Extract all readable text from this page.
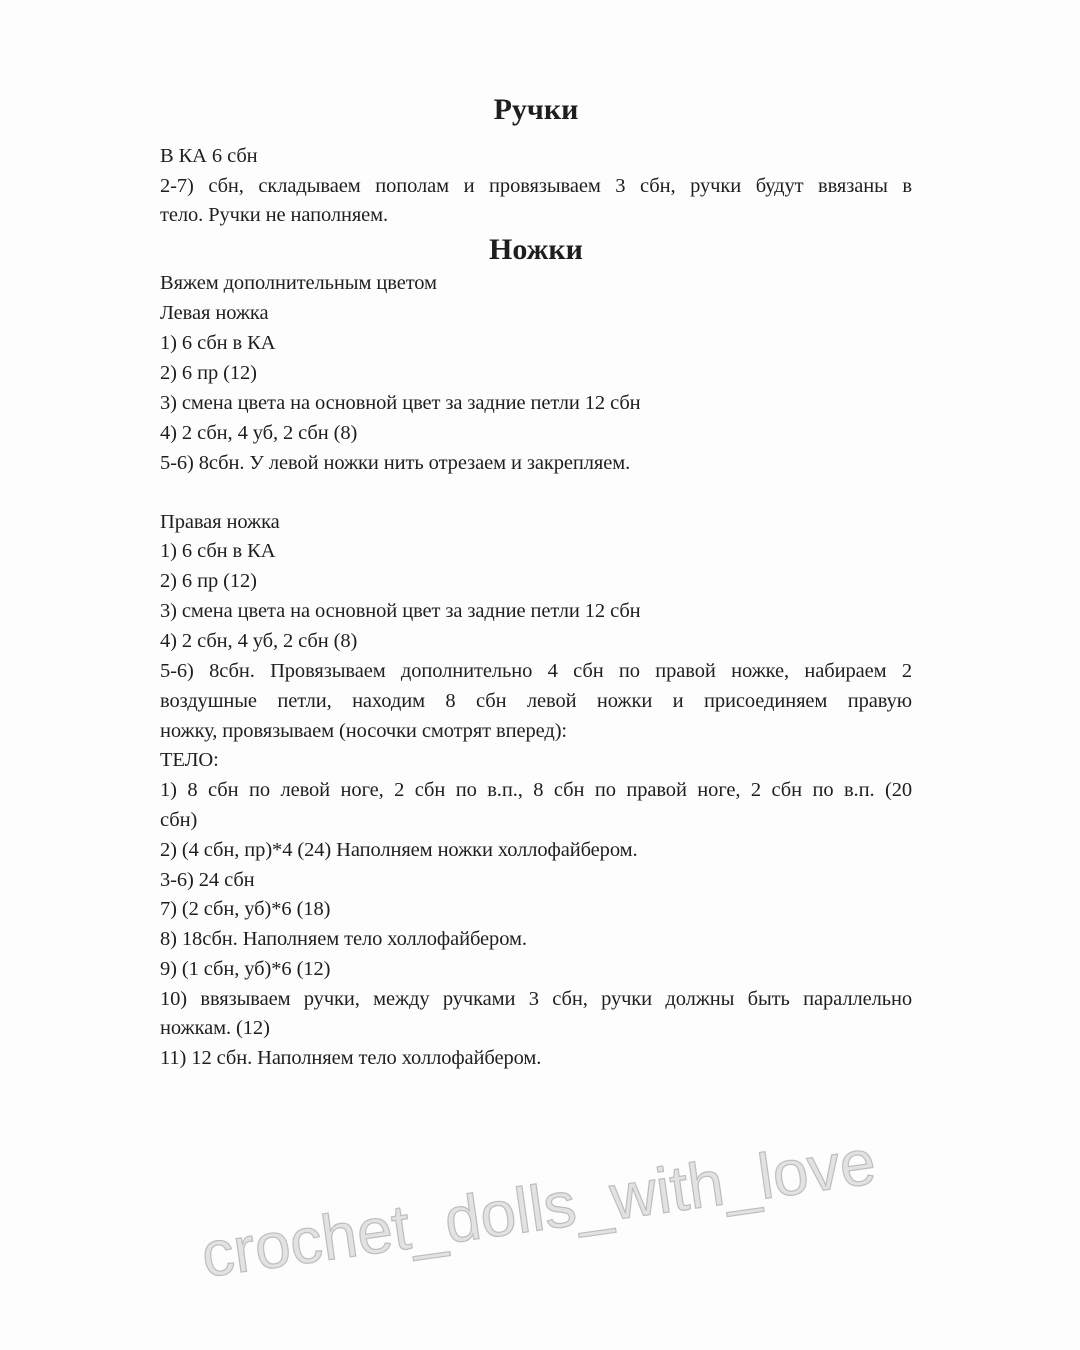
crochet_dolls_with_love
Ручки
В КА 6 сбн
2-7) сбн, складываем пополам и провязываем 3 сбн, ручки будут ввязаны в
тело. Ручки не наполняем.
Ножки
Вяжем дополнительным цветом
Левая ножка
1) 6 сбн в КА
2) 6 пр (12)
3) смена цвета на основной цвет за задние петли 12 сбн
4) 2 сбн, 4 уб, 2 сбн (8)
5-6) 8сбн. У левой ножки нить отрезаем и закрепляем.
Правая ножка
1) 6 сбн в КА
2) 6 пр (12)
3) смена цвета на основной цвет за задние петли 12 сбн
4) 2 сбн, 4 уб, 2 сбн (8)
5-6) 8сбн. Провязываем дополнительно 4 сбн по правой ножке, набираем 2
воздушные петли, находим 8 сбн левой ножки и присоединяем правую
ножку, провязываем (носочки смотрят вперед):
ТЕЛО:
1) 8 сбн по левой ноге, 2 сбн по в.п., 8 сбн по правой ноге, 2 сбн по в.п. (20
сбн)
2) (4 сбн, пр)*4 (24) Наполняем ножки холлофайбером.
3-6) 24 сбн
7) (2 сбн, уб)*6 (18)
8) 18сбн. Наполняем тело холлофайбером.
9) (1 сбн, уб)*6 (12)
10) ввязываем ручки, между ручками 3 сбн, ручки должны быть параллельно
ножкам. (12)
11) 12 сбн. Наполняем тело холлофайбером.
